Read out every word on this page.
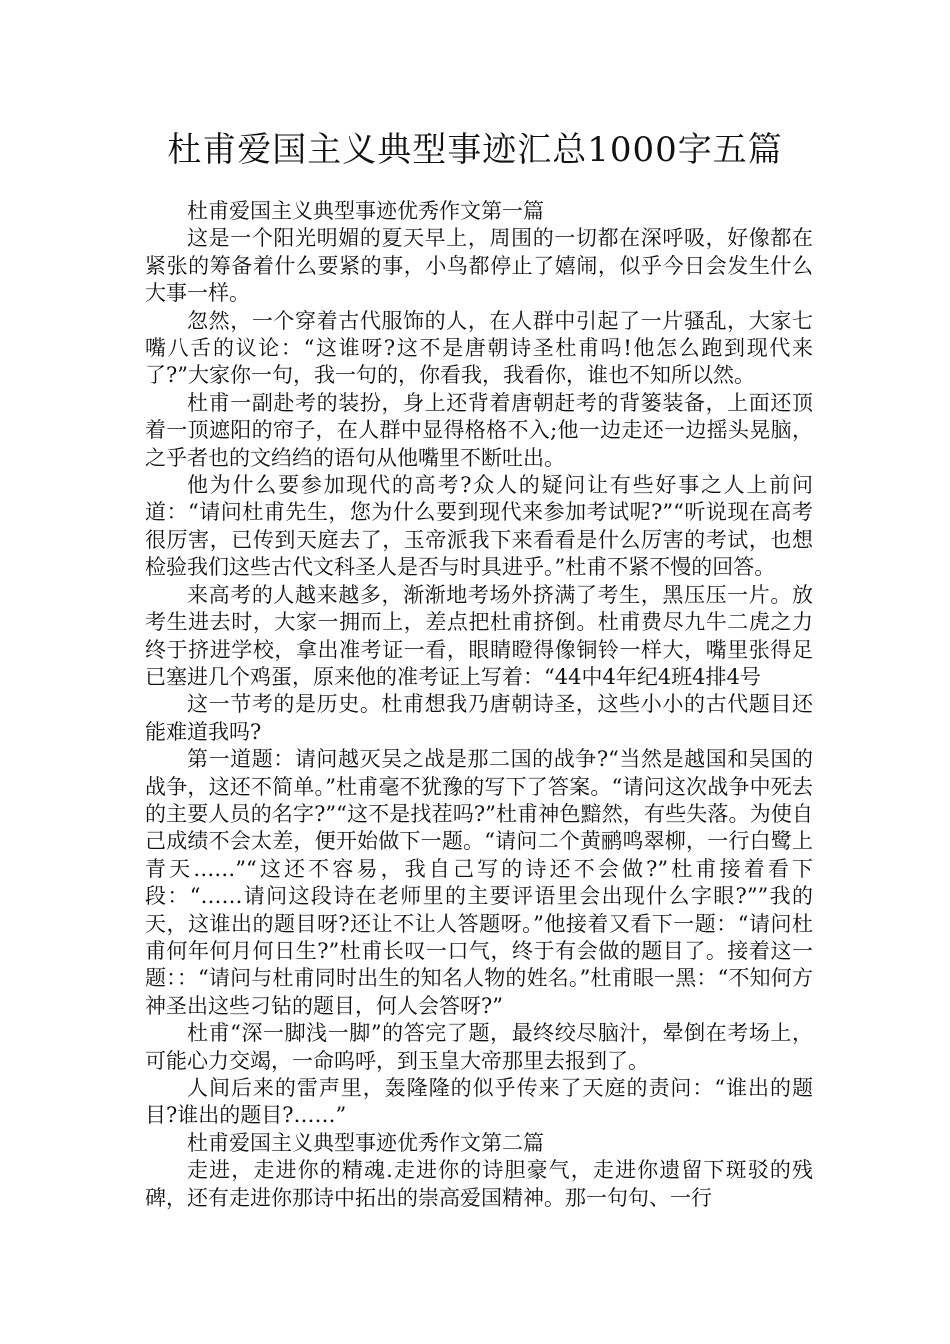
杜甫爱国主义典型事迹汇总1000字五篇

杜甫爱国主义典型事迹优秀作文第一篇

这是一个阳光明媚的夏天早上，周围的一切都在深呼吸，好像都在紧张的筹备着什么要紧的事，小鸟都停止了嬉闹，似乎今日会发生什么大事一样。

忽然，一个穿着古代服饰的人，在人群中引起了一片骚乱，大家七嘴八舌的议论：“这谁呀?这不是唐朝诗圣杜甫吗!他怎么跑到现代来了?”大家你一句，我一句的，你看我，我看你，谁也不知所以然。

杜甫一副赴考的装扮，身上还背着唐朝赶考的背篓装备，上面还顶着一顶遮阳的帘子，在人群中显得格格不入;他一边走还一边摇头晃脑，之乎者也的文绉绉的语句从他嘴里不断吐出。

他为什么要参加现代的高考?众人的疑问让有些好事之人上前问道：“请问杜甫先生，您为什么要到现代来参加考试呢?”“听说现在高考很厉害，已传到天庭去了，玉帝派我下来看看是什么厉害的考试，也想检验我们这些古代文科圣人是否与时具进乎。”杜甫不紧不慢的回答。

来高考的人越来越多，渐渐地考场外挤满了考生，黑压压一片。放考生进去时，大家一拥而上，差点把杜甫挤倒。杜甫费尽九牛二虎之力终于挤进学校，拿出准考证一看，眼睛瞪得像铜铃一样大，嘴里张得足已塞进几个鸡蛋，原来他的准考证上写着：“44中4年纪4班4排4号

这一节考的是历史。杜甫想我乃唐朝诗圣，这些小小的古代题目还能难道我吗?

第一道题：请问越灭吴之战是那二国的战争?“当然是越国和吴国的战争，这还不简单。”杜甫毫不犹豫的写下了答案。“请问这次战争中死去的主要人员的名字?”“这不是找茬吗?”杜甫神色黯然，有些失落。为使自己成绩不会太差，便开始做下一题。“请问二个黄鹂鸣翠柳，一行白鹭上青天……”“这还不容易，我自己写的诗还不会做?”杜甫接着看下段：“……请问这段诗在老师里的主要评语里会出现什么字眼?””我的天，这谁出的题目呀?还让不让人答题呀。”他接着又看下一题：“请问杜甫何年何月何日生?”杜甫长叹一口气，终于有会做的题目了。接着这一题：：“请问与杜甫同时出生的知名人物的姓名。”杜甫眼一黑：“不知何方神圣出这些刁钻的题目，何人会答呀?”

杜甫“深一脚浅一脚”的答完了题，最终绞尽脑汁，晕倒在考场上，可能心力交竭，一命呜呼，到玉皇大帝那里去报到了。

人间后来的雷声里，轰隆隆的似乎传来了天庭的责问：“谁出的题目?谁出的题目?……”

杜甫爱国主义典型事迹优秀作文第二篇

走进，走进你的精魂.走进你的诗胆豪气，走进你遗留下斑驳的残碑，还有走进你那诗中拓出的崇高爱国精神。那一句句、一行
